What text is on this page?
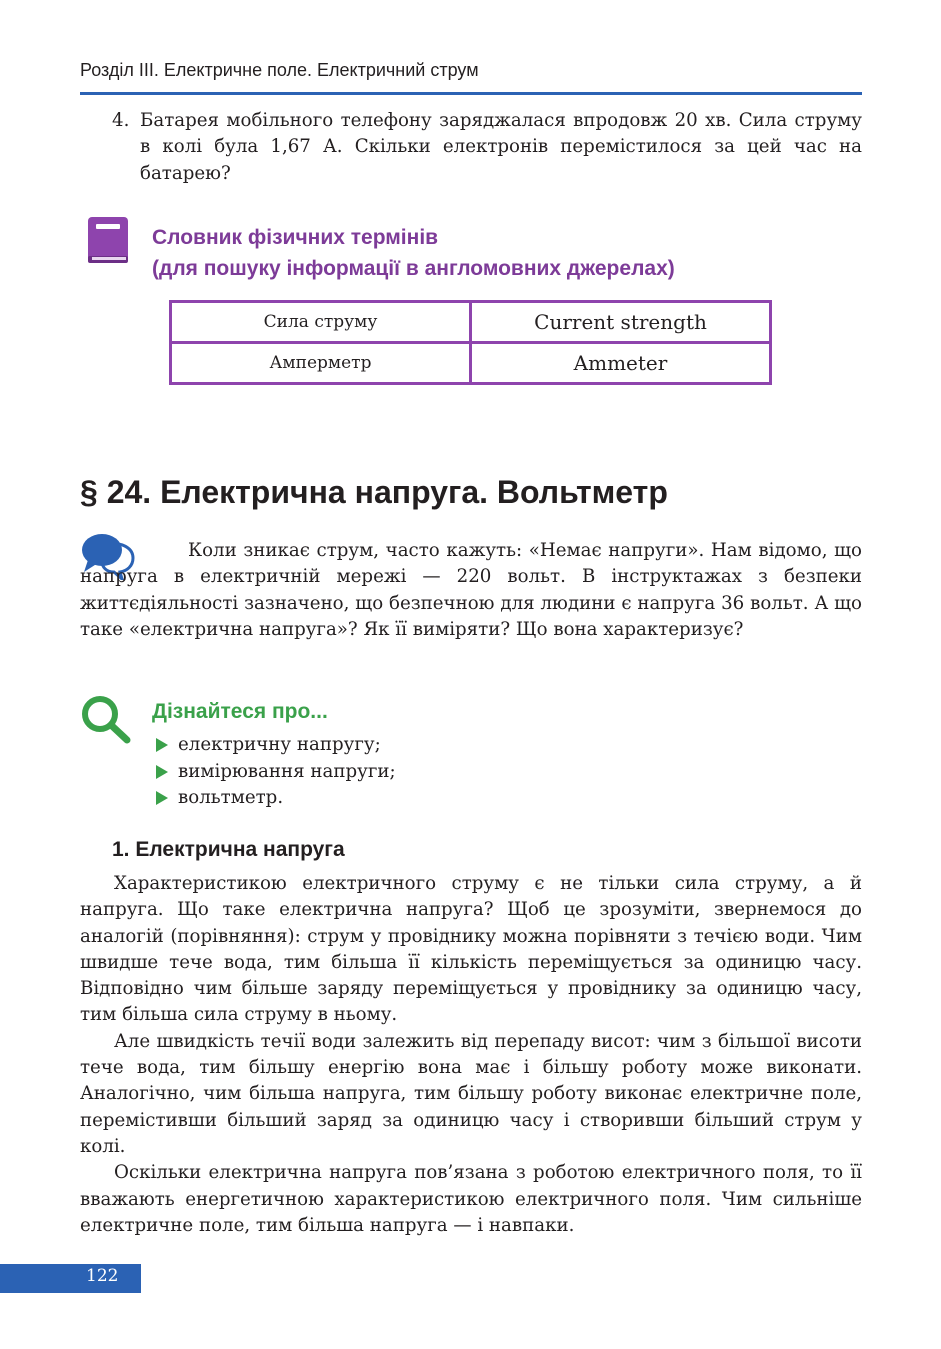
Розділ ІІІ. Електричне поле. Електричний струм
4. Батарея мобільного телефону заряджалася впродовж 20 хв. Сила струму в колі була 1,67 А. Скільки електронів перемістилося за цей час на батарею?
Словник фізичних термінів
(для пошуку інформації в англомовних джерелах)
Сила струму	Current strength
Амперметр	Ammeter
§ 24. Електрична напруга. Вольтметр
Коли зникає струм, часто кажуть: «Немає напруги». Нам відомо, що напруга в електричній мережі — 220 вольт. В інструктажах з безпеки життєдіяльності зазначено, що безпечною для людини є напруга 36 вольт. А що таке «електрична напруга»? Як її виміряти? Що вона характеризує?
Дізнайтеся про...
електричну напругу;
вимірювання напруги;
вольтметр.
1. Електрична напруга

Характеристикою електричного струму є не тільки сила струму, а й напруга. Що таке електрична напруга? Щоб це зрозуміти, звернемося до аналогій (порівняння): струм у провіднику можна порівняти з течією води. Чим швидше тече вода, тим більша її кількість переміщується за одиницю часу. Відповідно чим більше заряду переміщується у провіднику за одиницю часу, тим більша сила струму в ньому.

Але швидкість течії води залежить від перепаду висот: чим з більшої висоти тече вода, тим більшу енергію вона має і більшу роботу може виконати. Аналогічно, чим більша напруга, тим більшу роботу виконає електричне поле, перемістивши більший заряд за одиницю часу і створивши більший струм у колі.

Оскільки електрична напруга пов’язана з роботою електричного поля, то її вважають енергетичною характеристикою електричного поля. Чим сильніше електричне поле, тим більша напруга — і навпаки.

122
